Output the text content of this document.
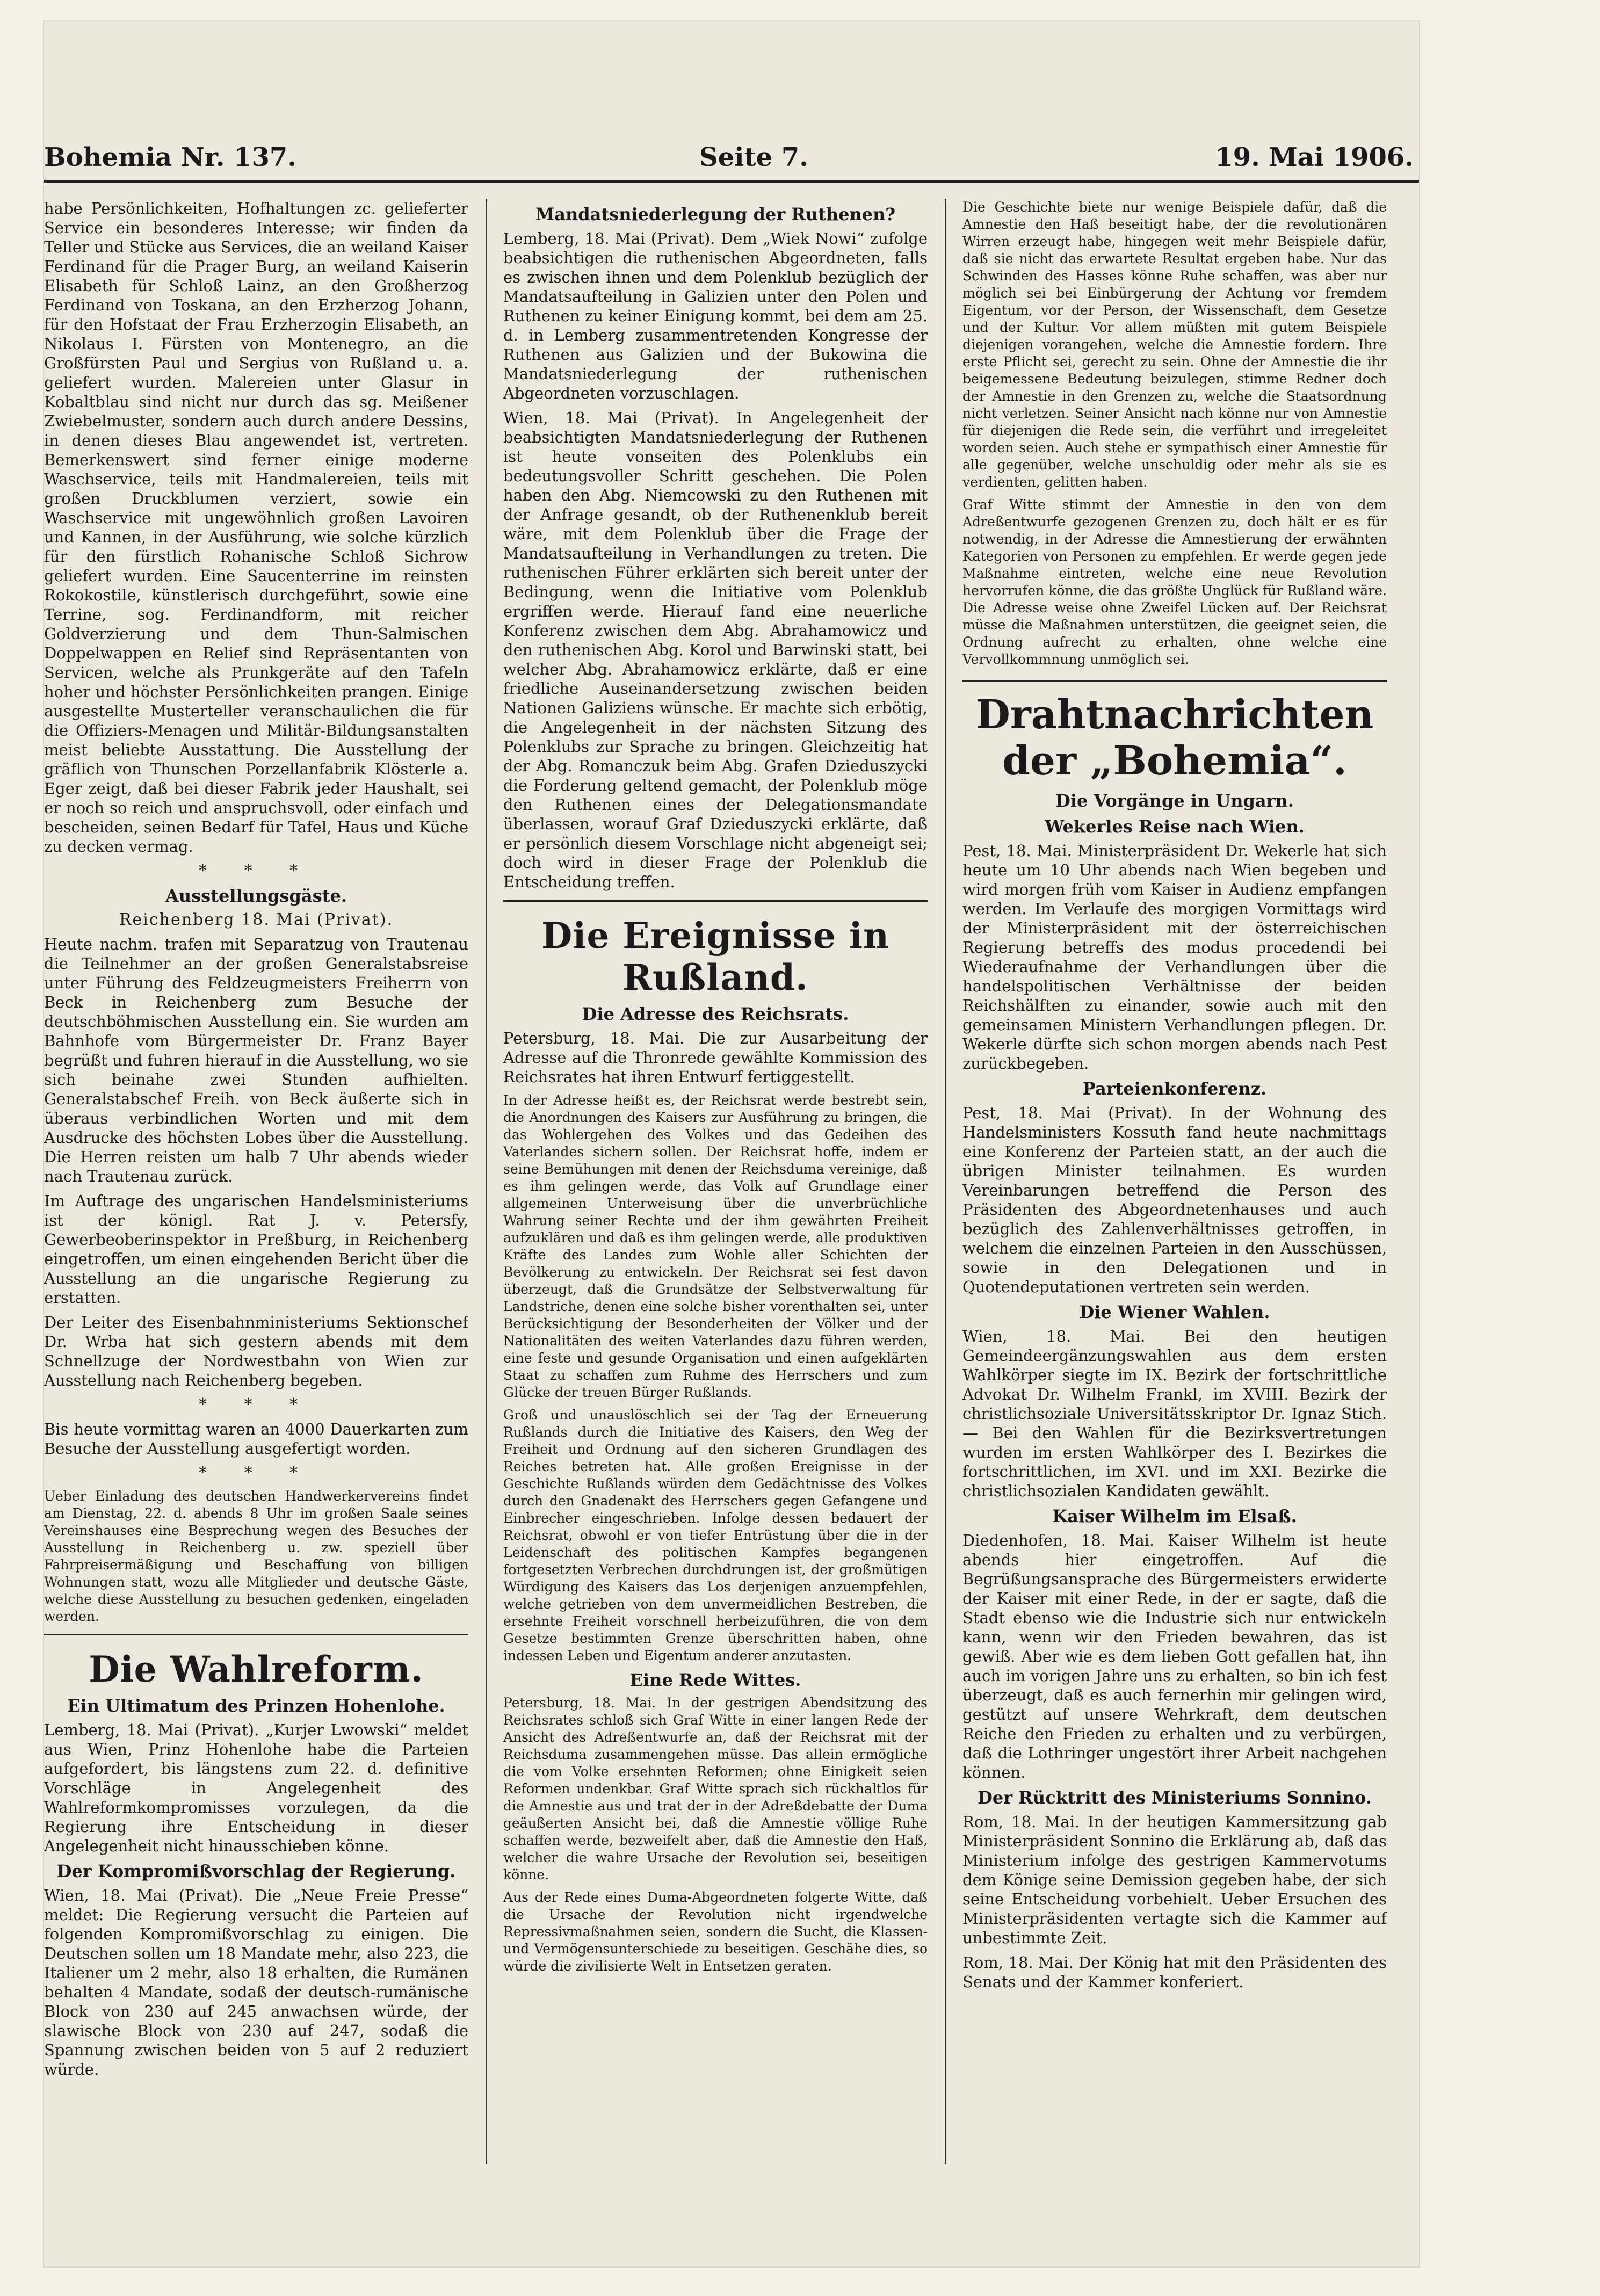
Bohemia Nr. 137.	Seite 7.	19. Mai 1906.

habe Persönlichkeiten, Hofhaltungen zc. gelieferter Service ein besonderes Interesse; wir finden da Teller und Stücke aus Services, die an weiland Kaiser Ferdinand für die Prager Burg, an weiland Kaiserin Elisabeth für Schloß Lainz, an den Großherzog Ferdinand von Toskana, an den Erzherzog Johann, für den Hofstaat der Frau Erzherzogin Elisabeth, an Nikolaus I. Fürsten von Montenegro, an die Großfürsten Paul und Sergius von Rußland u. a. geliefert wurden. Malereien unter Glasur in Kobaltblau sind nicht nur durch das sg. Meißener Zwiebelmuster, sondern auch durch andere Dessins, in denen dieses Blau angewendet ist, vertreten. Bemerkenswert sind ferner einige moderne Waschservice, teils mit Handmalereien, teils mit großen Druckblumen verziert, sowie ein Waschservice mit ungewöhnlich großen Lavoiren und Kannen, in der Ausführung, wie solche kürzlich für den fürstlich Rohanische Schloß Sichrow geliefert wurden. Eine Saucenterrine im reinsten Rokokostile, künstlerisch durchgeführt, sowie eine Terrine, sog. Ferdinandform, mit reicher Goldverzierung und dem Thun-Salmischen Doppelwappen en Relief sind Repräsentanten von Servicen, welche als Prunkgeräte auf den Tafeln hoher und höchster Persönlichkeiten prangen. Einige ausgestellte Musterteller veranschaulichen die für die Offiziers-Menagen und Militär-Bildungsanstalten meist beliebte Ausstattung. Die Ausstellung der gräflich von Thunschen Porzellanfabrik Klösterle a. Eger zeigt, daß bei dieser Fabrik jeder Haushalt, sei er noch so reich und anspruchsvoll, oder einfach und bescheiden, seinen Bedarf für Tafel, Haus und Küche zu decken vermag.

* * *
Ausstellungsgäste.
Reichenberg 18. Mai (Privat).

Heute nachm. trafen mit Separatzug von Trautenau die Teilnehmer an der großen Generalstabsreise unter Führung des Feldzeugmeisters Freiherrn von Beck in Reichenberg zum Besuche der deutschböhmischen Ausstellung ein. Sie wurden am Bahnhofe vom Bürgermeister Dr. Franz Bayer begrüßt und fuhren hierauf in die Ausstellung, wo sie sich beinahe zwei Stunden aufhielten. Generalstabschef Freih. von Beck äußerte sich in überaus verbindlichen Worten und mit dem Ausdrucke des höchsten Lobes über die Ausstellung. Die Herren reisten um halb 7 Uhr abends wieder nach Trautenau zurück.

Im Auftrage des ungarischen Handelsministeriums ist der königl. Rat J. v. Petersfy, Gewerbeoberinspektor in Preßburg, in Reichenberg eingetroffen, um einen eingehenden Bericht über die Ausstellung an die ungarische Regierung zu erstatten.

Der Leiter des Eisenbahnministeriums Sektionschef Dr. Wrba hat sich gestern abends mit dem Schnellzuge der Nordwestbahn von Wien zur Ausstellung nach Reichenberg begeben.

* * *

Bis heute vormittag waren an 4000 Dauerkarten zum Besuche der Ausstellung ausgefertigt worden.

* * *

Ueber Einladung des deutschen Handwerkervereins findet am Dienstag, 22. d. abends 8 Uhr im großen Saale seines Vereinshauses eine Besprechung wegen des Besuches der Ausstellung in Reichenberg u. zw. speziell über Fahrpreisermäßigung und Beschaffung von billigen Wohnungen statt, wozu alle Mitglieder und deutsche Gäste, welche diese Ausstellung zu besuchen gedenken, eingeladen werden.

Die Wahlreform.
Ein Ultimatum des Prinzen Hohenlohe.

Lemberg, 18. Mai (Privat). „Kurjer Lwowski“ meldet aus Wien, Prinz Hohenlohe habe die Parteien aufgefordert, bis längstens zum 22. d. definitive Vorschläge in Angelegenheit des Wahlreformkompromisses vorzulegen, da die Regierung ihre Entscheidung in dieser Angelegenheit nicht hinausschieben könne.

Der Kompromißvorschlag der Regierung.

Wien, 18. Mai (Privat). Die „Neue Freie Presse“ meldet: Die Regierung versucht die Parteien auf folgenden Kompromißvorschlag zu einigen. Die Deutschen sollen um 18 Mandate mehr, also 223, die Italiener um 2 mehr, also 18 erhalten, die Rumänen behalten 4 Mandate, sodaß der deutsch-rumänische Block von 230 auf 245 anwachsen würde, der slawische Block von 230 auf 247, sodaß die Spannung zwischen beiden von 5 auf 2 reduziert würde.

Mandatsniederlegung der Ruthenen?

Lemberg, 18. Mai (Privat). Dem „Wiek Nowi“ zufolge beabsichtigen die ruthenischen Abgeordneten, falls es zwischen ihnen und dem Polenklub bezüglich der Mandatsaufteilung in Galizien unter den Polen und Ruthenen zu keiner Einigung kommt, bei dem am 25. d. in Lemberg zusammentretenden Kongresse der Ruthenen aus Galizien und der Bukowina die Mandatsniederlegung der ruthenischen Abgeordneten vorzuschlagen.

Wien, 18. Mai (Privat). In Angelegenheit der beabsichtigten Mandatsniederlegung der Ruthenen ist heute vonseiten des Polenklubs ein bedeutungsvoller Schritt geschehen. Die Polen haben den Abg. Niemcowski zu den Ruthenen mit der Anfrage gesandt, ob der Ruthenenklub bereit wäre, mit dem Polenklub über die Frage der Mandatsaufteilung in Verhandlungen zu treten. Die ruthenischen Führer erklärten sich bereit unter der Bedingung, wenn die Initiative vom Polenklub ergriffen werde. Hierauf fand eine neuerliche Konferenz zwischen dem Abg. Abrahamowicz und den ruthenischen Abg. Korol und Barwinski statt, bei welcher Abg. Abrahamowicz erklärte, daß er eine friedliche Auseinandersetzung zwischen beiden Nationen Galiziens wünsche. Er machte sich erbötig, die Angelegenheit in der nächsten Sitzung des Polenklubs zur Sprache zu bringen. Gleichzeitig hat der Abg. Romanczuk beim Abg. Grafen Dzieduszycki die Forderung geltend gemacht, der Polenklub möge den Ruthenen eines der Delegationsmandate überlassen, worauf Graf Dzieduszycki erklärte, daß er persönlich diesem Vorschlage nicht abgeneigt sei; doch wird in dieser Frage der Polenklub die Entscheidung treffen.

Die Ereignisse in Rußland.
Die Adresse des Reichsrats.

Petersburg, 18. Mai. Die zur Ausarbeitung der Adresse auf die Thronrede gewählte Kommission des Reichsrates hat ihren Entwurf fertiggestellt.

In der Adresse heißt es, der Reichsrat werde bestrebt sein, die Anordnungen des Kaisers zur Ausführung zu bringen, die das Wohlergehen des Volkes und das Gedeihen des Vaterlandes sichern sollen. Der Reichsrat hoffe, indem er seine Bemühungen mit denen der Reichsduma vereinige, daß es ihm gelingen werde, das Volk auf Grundlage einer allgemeinen Unterweisung über die unverbrüchliche Wahrung seiner Rechte und der ihm gewährten Freiheit aufzuklären und daß es ihm gelingen werde, alle produktiven Kräfte des Landes zum Wohle aller Schichten der Bevölkerung zu entwickeln. Der Reichsrat sei fest davon überzeugt, daß die Grundsätze der Selbstverwaltung für Landstriche, denen eine solche bisher vorenthalten sei, unter Berücksichtigung der Besonderheiten der Völker und der Nationalitäten des weiten Vaterlandes dazu führen werden, eine feste und gesunde Organisation und einen aufgeklärten Staat zu schaffen zum Ruhme des Herrschers und zum Glücke der treuen Bürger Rußlands.

Groß und unauslöschlich sei der Tag der Erneuerung Rußlands durch die Initiative des Kaisers, den Weg der Freiheit und Ordnung auf den sicheren Grundlagen des Reiches betreten hat. Alle großen Ereignisse in der Geschichte Rußlands würden dem Gedächtnisse des Volkes durch den Gnadenakt des Herrschers gegen Gefangene und Einbrecher eingeschrieben. Infolge dessen bedauert der Reichsrat, obwohl er von tiefer Entrüstung über die in der Leidenschaft des politischen Kampfes begangenen fortgesetzten Verbrechen durchdrungen ist, der großmütigen Würdigung des Kaisers das Los derjenigen anzuempfehlen, welche getrieben von dem unvermeidlichen Bestreben, die ersehnte Freiheit vorschnell herbeizuführen, die von dem Gesetze bestimmten Grenze überschritten haben, ohne indessen Leben und Eigentum anderer anzutasten.

Eine Rede Wittes.

Petersburg, 18. Mai. In der gestrigen Abendsitzung des Reichsrates schloß sich Graf Witte in einer langen Rede der Ansicht des Adreßentwurfe an, daß der Reichsrat mit der Reichsduma zusammengehen müsse. Das allein ermögliche die vom Volke ersehnten Reformen; ohne Einigkeit seien Reformen undenkbar. Graf Witte sprach sich rückhaltlos für die Amnestie aus und trat der in der Adreßdebatte der Duma geäußerten Ansicht bei, daß die Amnestie völlige Ruhe schaffen werde, bezweifelt aber, daß die Amnestie den Haß, welcher die wahre Ursache der Revolution sei, beseitigen könne.

Aus der Rede eines Duma-Abgeordneten folgerte Witte, daß die Ursache der Revolution nicht irgendwelche Repressivmaßnahmen seien, sondern die Sucht, die Klassen- und Vermögensunterschiede zu beseitigen. Geschähe dies, so würde die zivilisierte Welt in Entsetzen geraten.

Die Geschichte biete nur wenige Beispiele dafür, daß die Amnestie den Haß beseitigt habe, der die revolutionären Wirren erzeugt habe, hingegen weit mehr Beispiele dafür, daß sie nicht das erwartete Resultat ergeben habe. Nur das Schwinden des Hasses könne Ruhe schaffen, was aber nur möglich sei bei Einbürgerung der Achtung vor fremdem Eigentum, vor der Person, der Wissenschaft, dem Gesetze und der Kultur. Vor allem müßten mit gutem Beispiele diejenigen vorangehen, welche die Amnestie fordern. Ihre erste Pflicht sei, gerecht zu sein. Ohne der Amnestie die ihr beigemessene Bedeutung beizulegen, stimme Redner doch der Amnestie in den Grenzen zu, welche die Staatsordnung nicht verletzen. Seiner Ansicht nach könne nur von Amnestie für diejenigen die Rede sein, die verführt und irregeleitet worden seien. Auch stehe er sympathisch einer Amnestie für alle gegenüber, welche unschuldig oder mehr als sie es verdienten, gelitten haben.

Graf Witte stimmt der Amnestie in den von dem Adreßentwurfe gezogenen Grenzen zu, doch hält er es für notwendig, in der Adresse die Amnestierung der erwähnten Kategorien von Personen zu empfehlen. Er werde gegen jede Maßnahme eintreten, welche eine neue Revolution hervorrufen könne, die das größte Unglück für Rußland wäre. Die Adresse weise ohne Zweifel Lücken auf. Der Reichsrat müsse die Maßnahmen unterstützen, die geeignet seien, die Ordnung aufrecht zu erhalten, ohne welche eine Vervollkommnung unmöglich sei.

Drahtnachrichten der „Bohemia“.
Die Vorgänge in Ungarn.
Wekerles Reise nach Wien.

Pest, 18. Mai. Ministerpräsident Dr. Wekerle hat sich heute um 10 Uhr abends nach Wien begeben und wird morgen früh vom Kaiser in Audienz empfangen werden. Im Verlaufe des morgigen Vormittags wird der Ministerpräsident mit der österreichischen Regierung betreffs des modus procedendi bei Wiederaufnahme der Verhandlungen über die handelspolitischen Verhältnisse der beiden Reichshälften zu einander, sowie auch mit den gemeinsamen Ministern Verhandlungen pflegen. Dr. Wekerle dürfte sich schon morgen abends nach Pest zurückbegeben.

Parteienkonferenz.

Pest, 18. Mai (Privat). In der Wohnung des Handelsministers Kossuth fand heute nachmittags eine Konferenz der Parteien statt, an der auch die übrigen Minister teilnahmen. Es wurden Vereinbarungen betreffend die Person des Präsidenten des Abgeordnetenhauses und auch bezüglich des Zahlenverhältnisses getroffen, in welchem die einzelnen Parteien in den Ausschüssen, sowie in den Delegationen und in Quotendeputationen vertreten sein werden.

Die Wiener Wahlen.

Wien, 18. Mai. Bei den heutigen Gemeindeergänzungswahlen aus dem ersten Wahlkörper siegte im IX. Bezirk der fortschrittliche Advokat Dr. Wilhelm Frankl, im XVIII. Bezirk der christlichsoziale Universitätsskriptor Dr. Ignaz Stich. — Bei den Wahlen für die Bezirksvertretungen wurden im ersten Wahlkörper des I. Bezirkes die fortschrittlichen, im XVI. und im XXI. Bezirke die christlichsozialen Kandidaten gewählt.

Kaiser Wilhelm im Elsaß.

Diedenhofen, 18. Mai. Kaiser Wilhelm ist heute abends hier eingetroffen. Auf die Begrüßungsansprache des Bürgermeisters erwiderte der Kaiser mit einer Rede, in der er sagte, daß die Stadt ebenso wie die Industrie sich nur entwickeln kann, wenn wir den Frieden bewahren, das ist gewiß. Aber wie es dem lieben Gott gefallen hat, ihn auch im vorigen Jahre uns zu erhalten, so bin ich fest überzeugt, daß es auch fernerhin mir gelingen wird, gestützt auf unsere Wehrkraft, dem deutschen Reiche den Frieden zu erhalten und zu verbürgen, daß die Lothringer ungestört ihrer Arbeit nachgehen können.

Der Rücktritt des Ministeriums Sonnino.

Rom, 18. Mai. In der heutigen Kammersitzung gab Ministerpräsident Sonnino die Erklärung ab, daß das Ministerium infolge des gestrigen Kammervotums dem Könige seine Demission gegeben habe, der sich seine Entscheidung vorbehielt. Ueber Ersuchen des Ministerpräsidenten vertagte sich die Kammer auf unbestimmte Zeit.

Rom, 18. Mai. Der König hat mit den Präsidenten des Senats und der Kammer konferiert.
